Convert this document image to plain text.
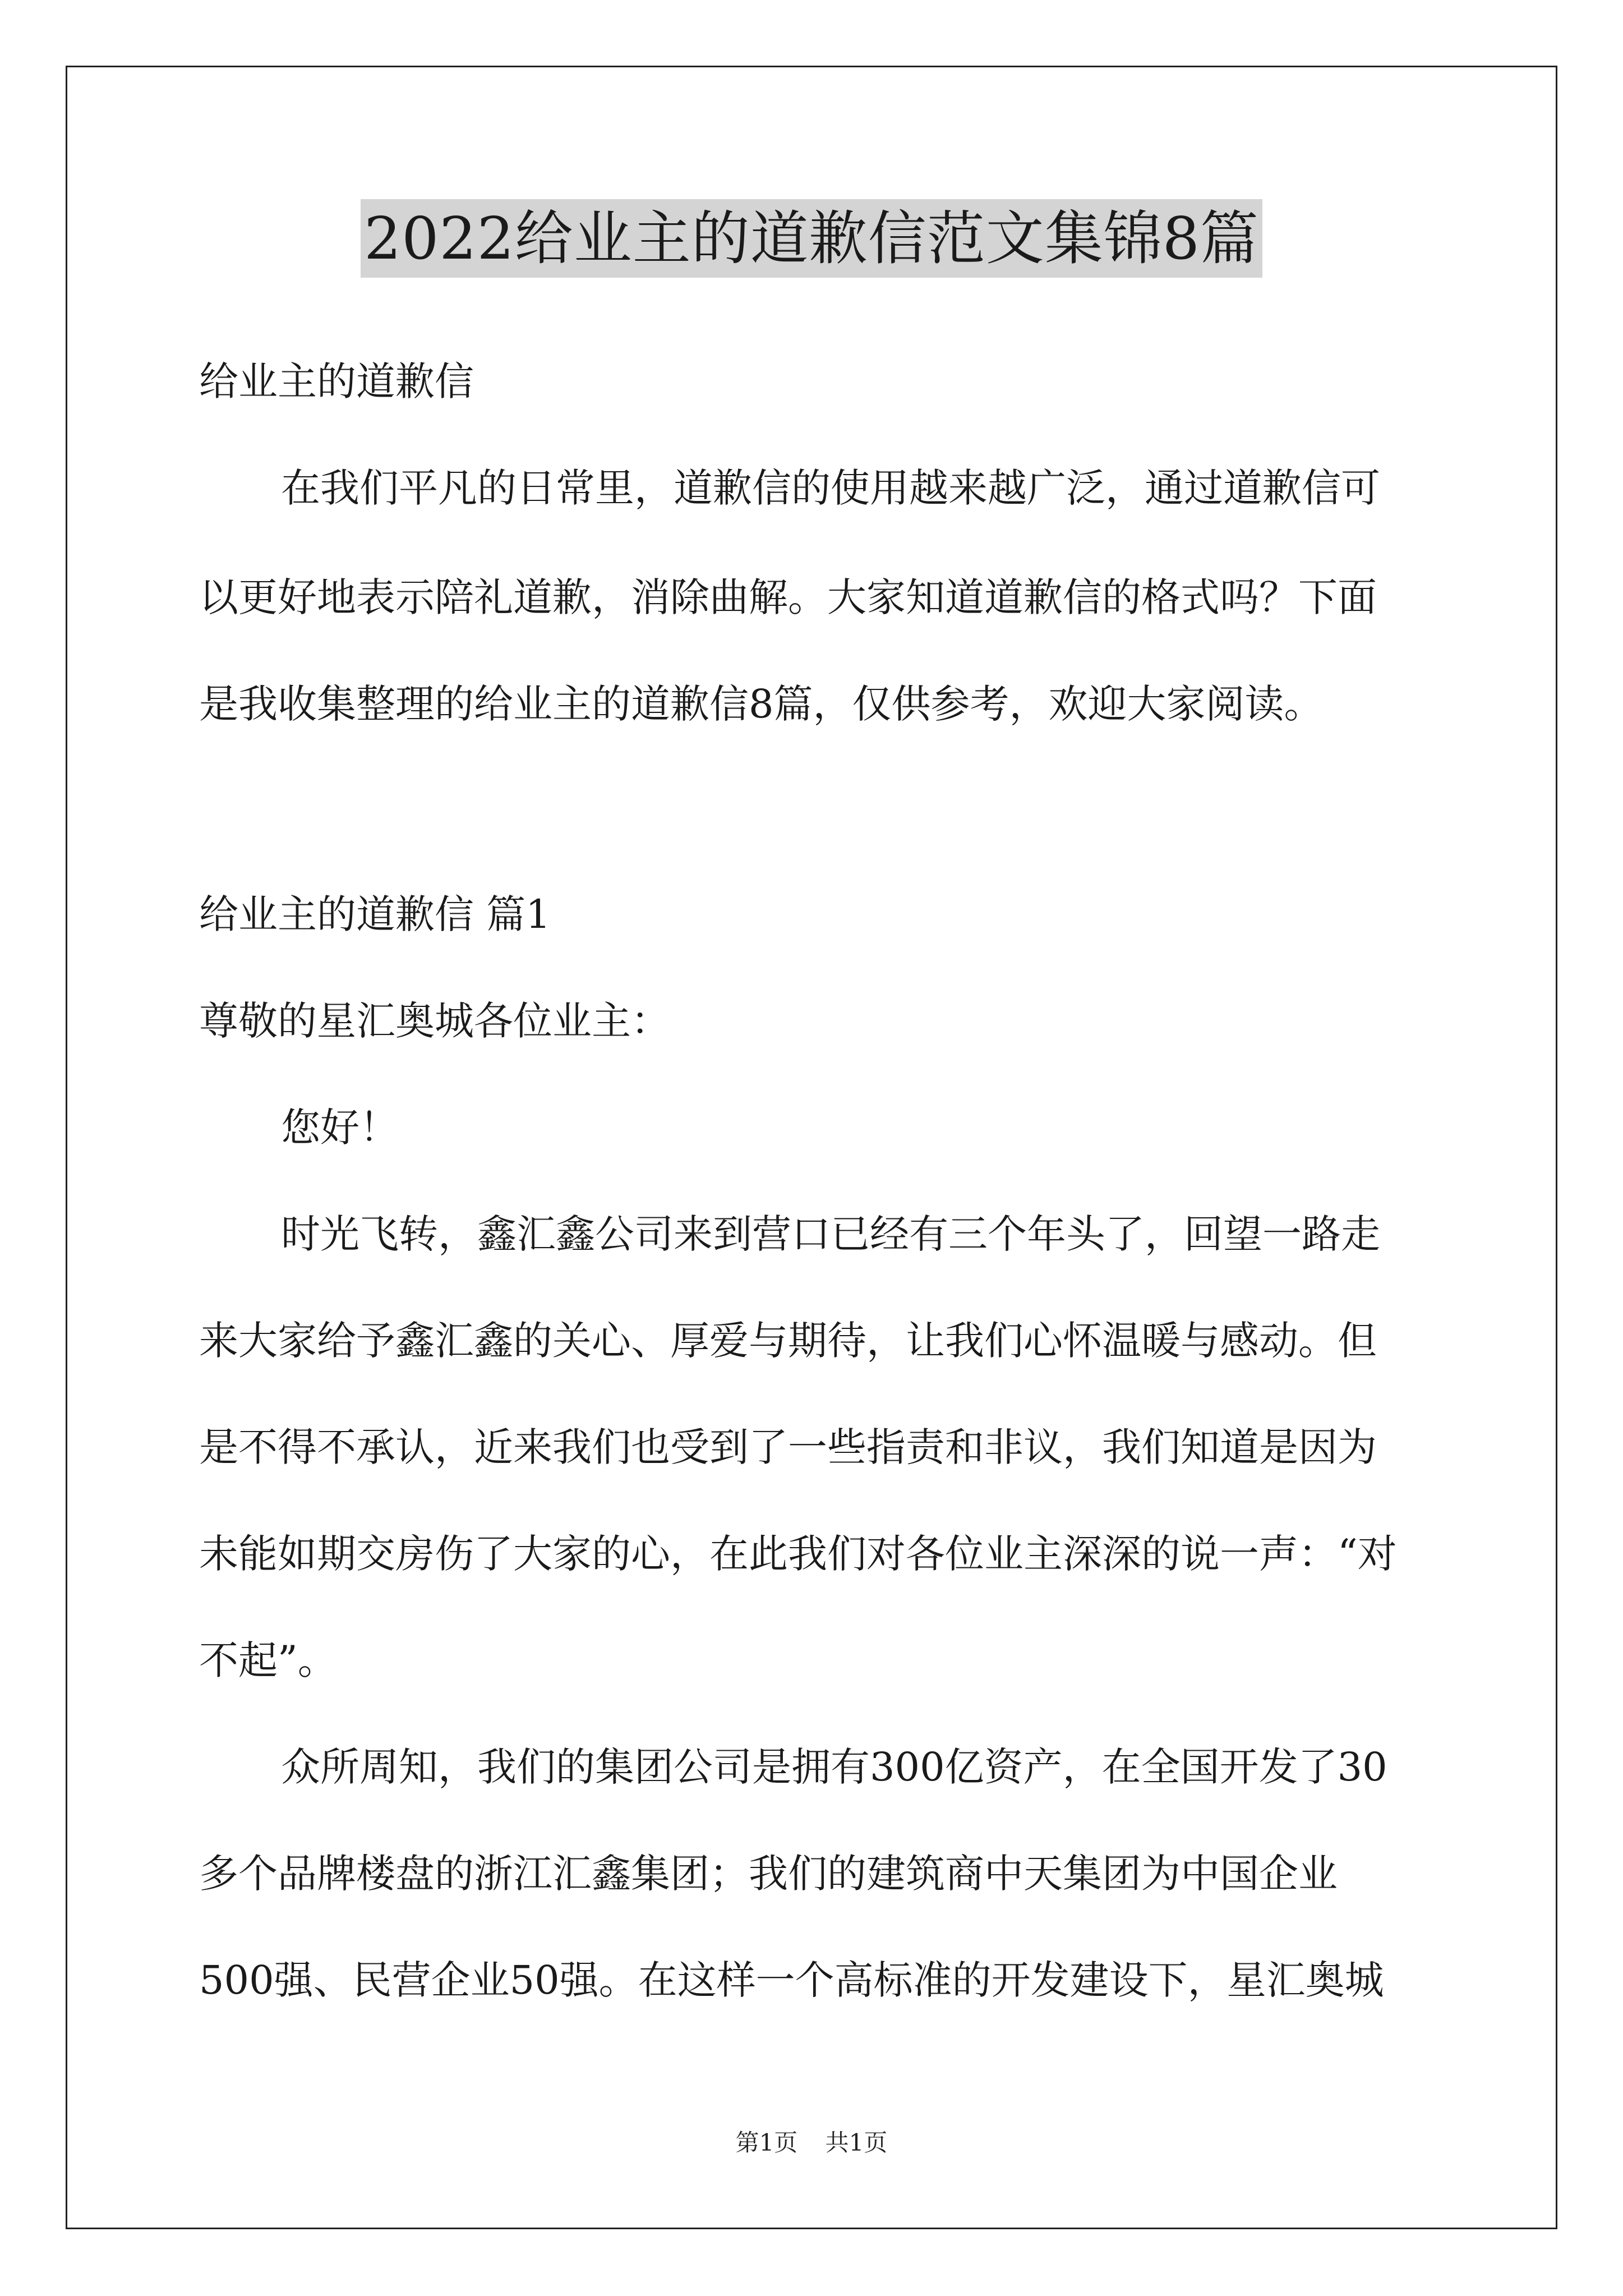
2022给业主的道歉信范文集锦8篇
给业主的道歉信
在我们平凡的日常里，道歉信的使用越来越广泛，通过道歉信可
以更好地表示陪礼道歉，消除曲解。大家知道道歉信的格式吗？下面
是我收集整理的给业主的道歉信8篇，仅供参考，欢迎大家阅读。
给业主的道歉信 篇1
尊敬的星汇奥城各位业主：
您好！
时光飞转，鑫汇鑫公司来到营口已经有三个年头了，回望一路走
来大家给予鑫汇鑫的关心、厚爱与期待，让我们心怀温暖与感动。但
是不得不承认，近来我们也受到了一些指责和非议，我们知道是因为
未能如期交房伤了大家的心，在此我们对各位业主深深的说一声：“对
不起”。
众所周知，我们的集团公司是拥有300亿资产，在全国开发了30
多个品牌楼盘的浙江汇鑫集团；我们的建筑商中天集团为中国企业
500强、民营企业50强。在这样一个高标准的开发建设下，星汇奥城
第1页 共1页
